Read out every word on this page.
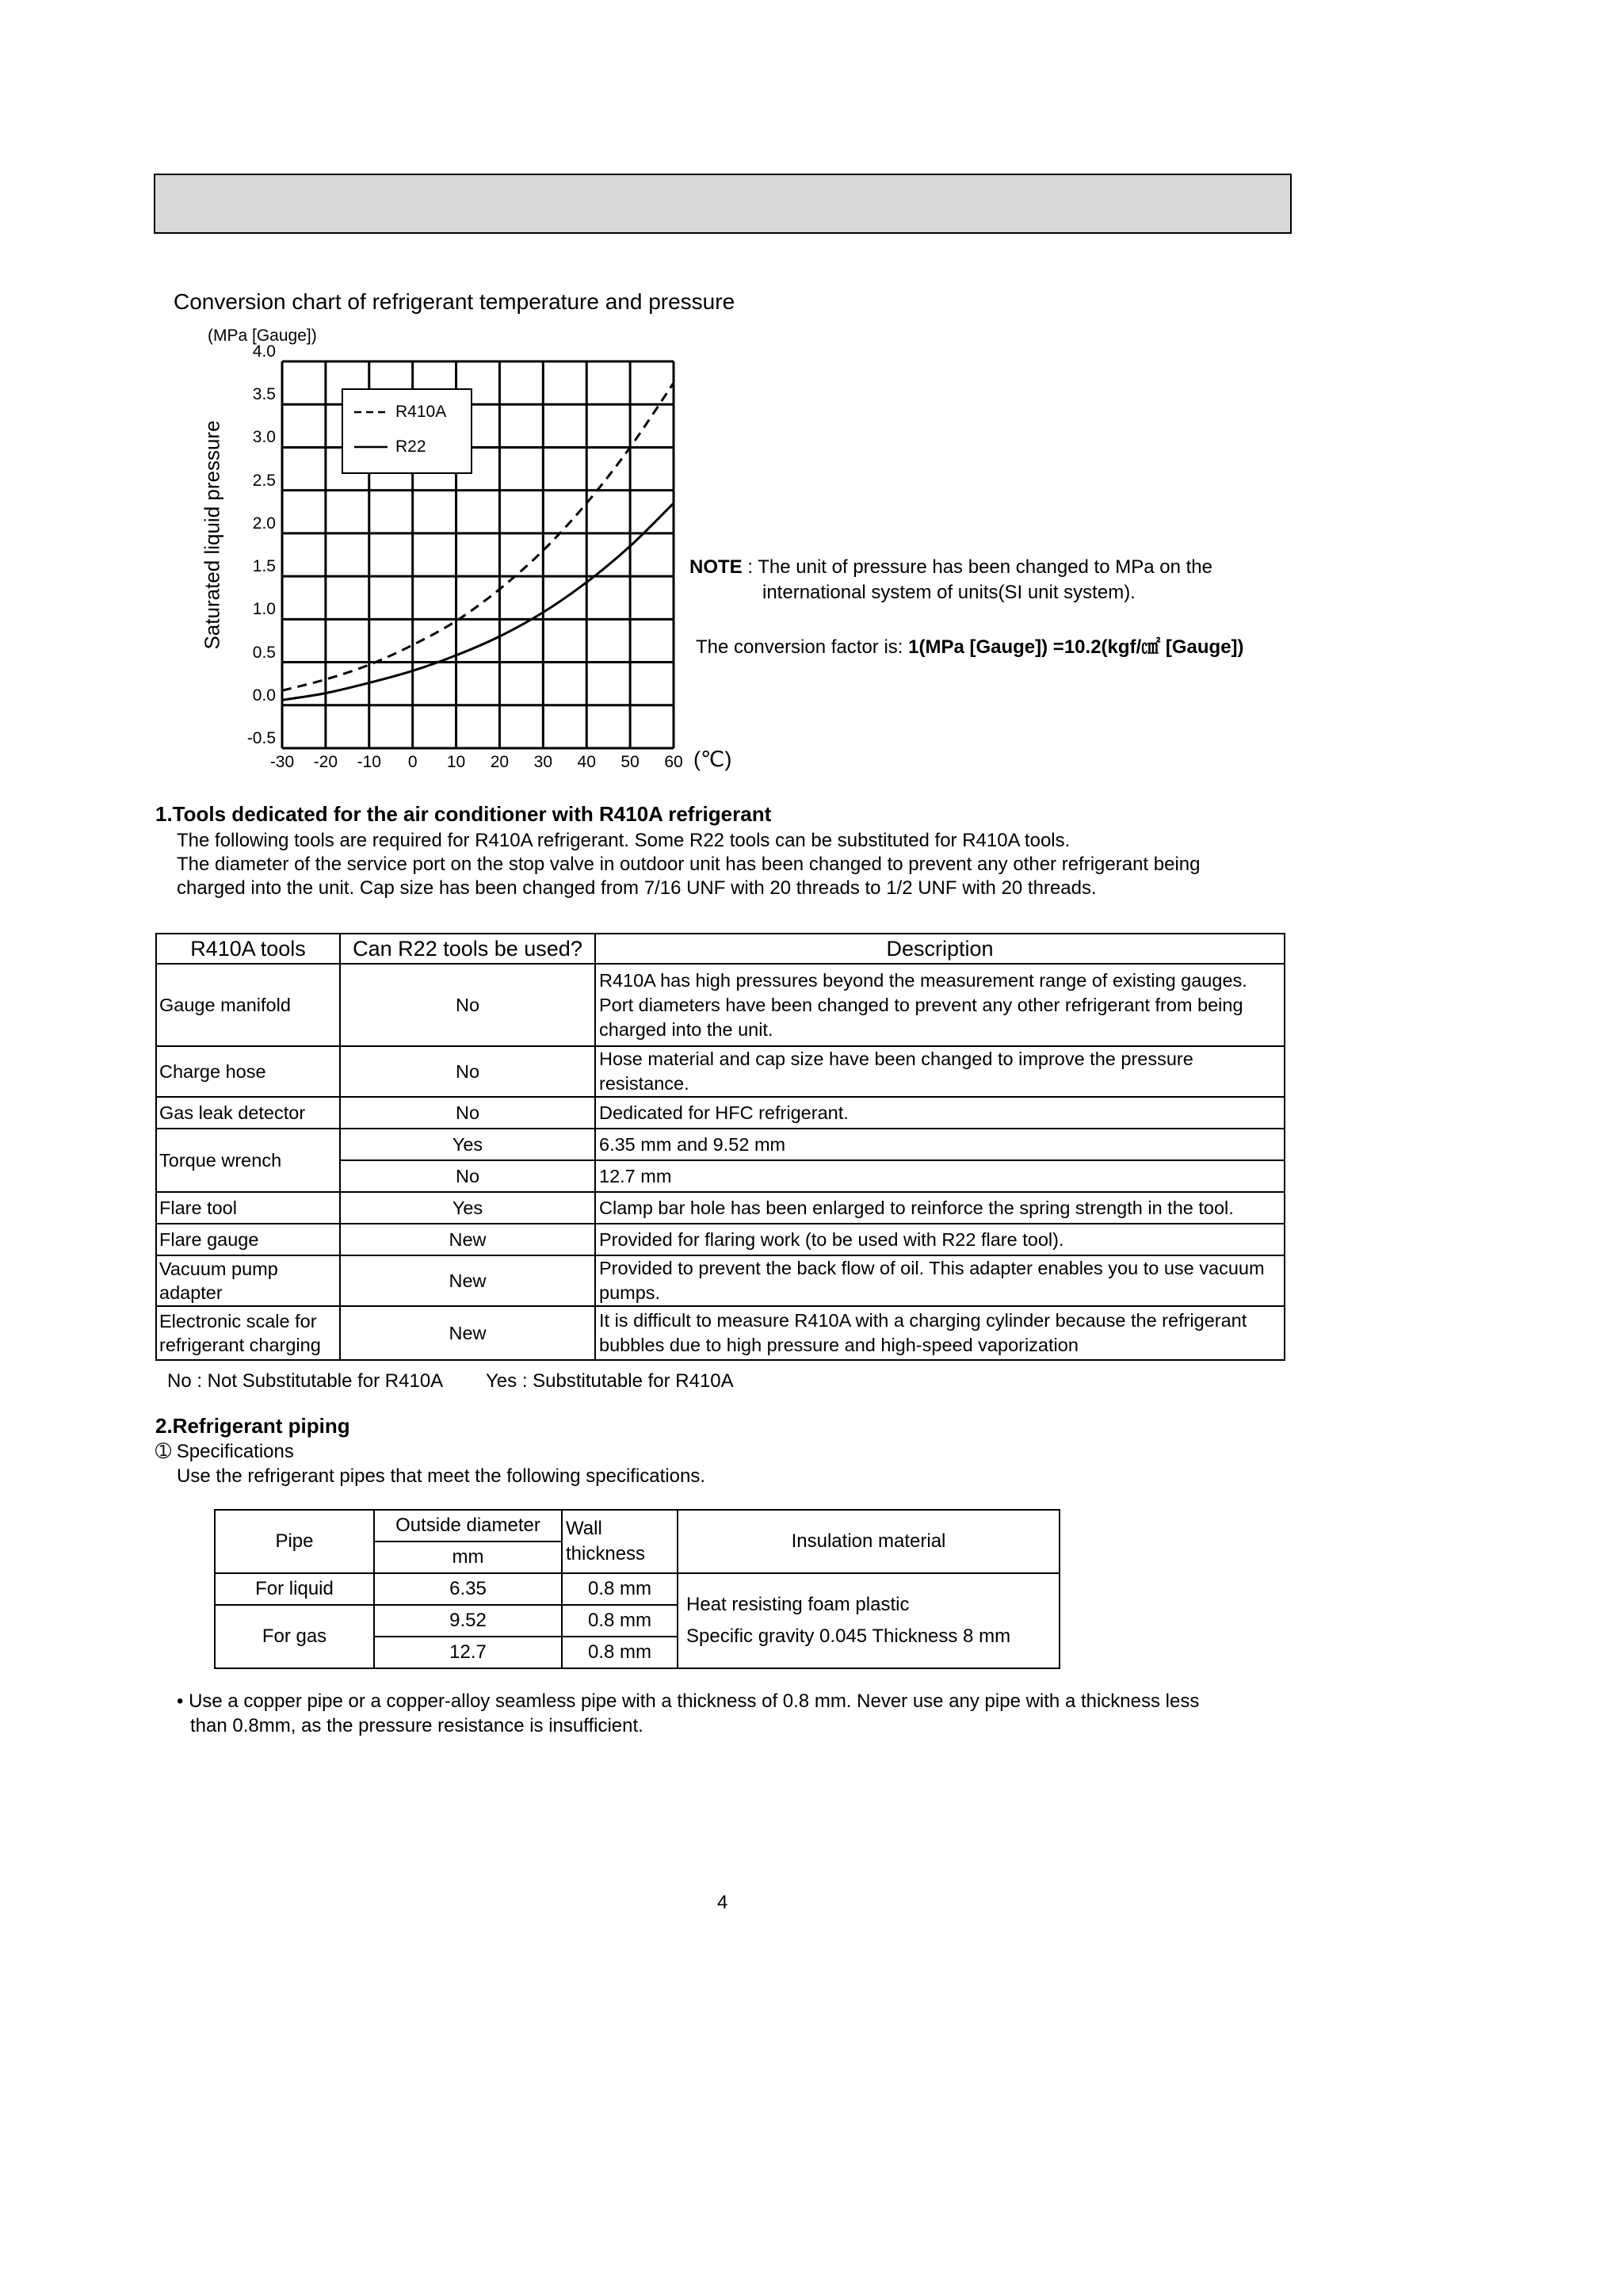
Conversion chart of refrigerant temperature and pressure
(MPa [Gauge])
Saturated liquid pressure
4.0
3.5
3.0
2.5
2.0
1.5
1.0
0.5
0.0
-0.5
-30	-20	-10	0	10	20	30	40	50	60 (℃)
R410A
R22
NOTE : The unit of pressure has been changed to MPa on the
international system of units(SI unit system).
The conversion factor is: 1(MPa [Gauge]) =10.2(kgf/㎠ [Gauge])
1.Tools dedicated for the air conditioner with R410A refrigerant
The following tools are required for R410A refrigerant. Some R22 tools can be substituted for R410A tools.
The diameter of the service port on the stop valve in outdoor unit has been changed to prevent any other refrigerant being
charged into the unit. Cap size has been changed from 7/16 UNF with 20 threads to 1/2 UNF with 20 threads.
R410A tools	Can R22 tools be used?	Description
Gauge manifold	No	R410A has high pressures beyond the measurement range of existing gauges. Port diameters have been changed to prevent any other refrigerant from being charged into the unit.
Charge hose	No	Hose material and cap size have been changed to improve the pressure resistance.
Gas leak detector	No	Dedicated for HFC refrigerant.
Torque wrench	Yes	6.35 mm and 9.52 mm
	No	12.7 mm
Flare tool	Yes	Clamp bar hole has been enlarged to reinforce the spring strength in the tool.
Flare gauge	New	Provided for flaring work (to be used with R22 flare tool).
Vacuum pump adapter	New	Provided to prevent the back flow of oil. This adapter enables you to use vacuum pumps.
Electronic scale for refrigerant charging	New	It is difficult to measure R410A with a charging cylinder because the refrigerant bubbles due to high pressure and high-speed vaporization
No : Not Substitutable for R410A Yes : Substitutable for R410A
2.Refrigerant piping
➀ Specifications
Use the refrigerant pipes that meet the following specifications.
Pipe	Outside diameter	Wall thickness	Insulation material
	mm		
For liquid	6.35	0.8 mm	Heat resisting foam plastic
Specific gravity 0.045 Thickness 8 mm

For gas	9.52	0.8 mm	
	12.7	0.8 mm	
• Use a copper pipe or a copper-alloy seamless pipe with a thickness of 0.8 mm. Never use any pipe with a thickness less
than 0.8mm, as the pressure resistance is insufficient.
4
